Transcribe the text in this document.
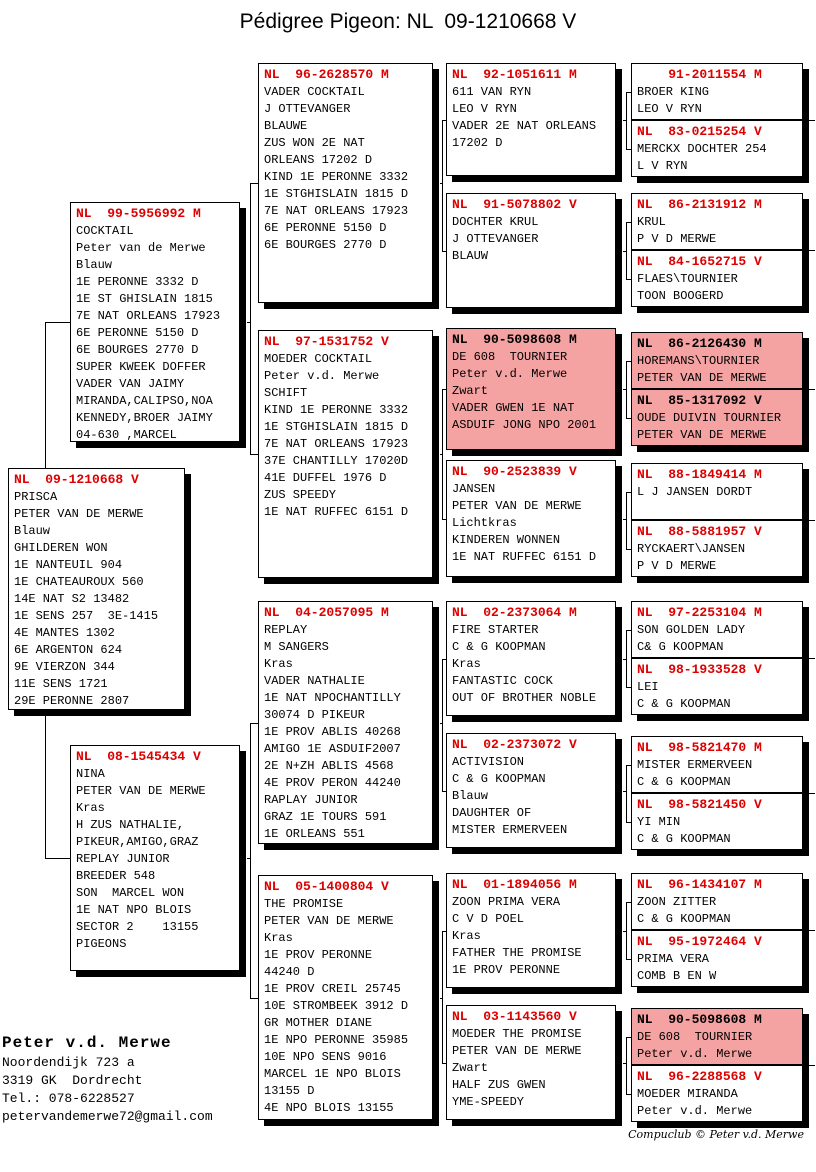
Pédigree Pigeon: NL  09-1210668 V
NL  09-1210668 V
PRISCA
PETER VAN DE MERWE
Blauw
GHILDEREN WON
1E NANTEUIL 904
1E CHATEAUROUX 560
14E NAT S2 13482
1E SENS 257  3E-1415
4E MANTES 1302
6E ARGENTON 624
9E VIERZON 344
11E SENS 1721
29E PERONNE 2807
NL  99-5956992 M
COCKTAIL
Peter van de Merwe
Blauw
1E PERONNE 3332 D
1E ST GHISLAIN 1815
7E NAT ORLEANS 17923
6E PERONNE 5150 D
6E BOURGES 2770 D
SUPER KWEEK DOFFER
VADER VAN JAIMY
MIRANDA,CALIPSO,NOA
KENNEDY,BROER JAIMY
04-630 ,MARCEL
NL  08-1545434 V
NINA
PETER VAN DE MERWE
Kras
H ZUS NATHALIE,
PIKEUR,AMIGO,GRAZ
REPLAY JUNIOR
BREEDER 548
SON  MARCEL WON
1E NAT NPO BLOIS
SECTOR 2    13155
PIGEONS
NL  96-2628570 M
VADER COCKTAIL
J OTTEVANGER
BLAUWE
ZUS WON 2E NAT
ORLEANS 17202 D
KIND 1E PERONNE 3332
1E STGHISLAIN 1815 D
7E NAT ORLEANS 17923
6E PERONNE 5150 D
6E BOURGES 2770 D
NL  97-1531752 V
MOEDER COCKTAIL
Peter v.d. Merwe
SCHIFT
KIND 1E PERONNE 3332
1E STGHISLAIN 1815 D
7E NAT ORLEANS 17923
37E CHANTILLY 17020D
41E DUFFEL 1976 D
ZUS SPEEDY
1E NAT RUFFEC 6151 D
NL  04-2057095 M
REPLAY
M SANGERS
Kras
VADER NATHALIE
1E NAT NPOCHANTILLY
30074 D PIKEUR
1E PROV ABLIS 40268
AMIGO 1E ASDUIF2007
2E N+ZH ABLIS 4568
4E PROV PERON 44240
RAPLAY JUNIOR
GRAZ 1E TOURS 591
1E ORLEANS 551
NL  05-1400804 V
THE PROMISE
PETER VAN DE MERWE
Kras
1E PROV PERONNE
44240 D
1E PROV CREIL 25745
10E STROMBEEK 3912 D
GR MOTHER DIANE
1E NPO PERONNE 35985
10E NPO SENS 9016
MARCEL 1E NPO BLOIS
13155 D
4E NPO BLOIS 13155
NL  92-1051611 M
611 VAN RYN
LEO V RYN
VADER 2E NAT ORLEANS
17202 D
NL  91-5078802 V
DOCHTER KRUL
J OTTEVANGER
BLAUW
NL  90-5098608 M
DE 608  TOURNIER
Peter v.d. Merwe
Zwart
VADER GWEN 1E NAT
ASDUIF JONG NPO 2001
NL  90-2523839 V
JANSEN
PETER VAN DE MERWE
Lichtkras
KINDEREN WONNEN
1E NAT RUFFEC 6151 D
NL  02-2373064 M
FIRE STARTER
C & G KOOPMAN
Kras
FANTASTIC COCK
OUT OF BROTHER NOBLE
NL  02-2373072 V
ACTIVISION
C & G KOOPMAN
Blauw
DAUGHTER OF
MISTER ERMERVEEN
NL  01-1894056 M
ZOON PRIMA VERA
C V D POEL
Kras
FATHER THE PROMISE
1E PROV PERONNE
NL  03-1143560 V
MOEDER THE PROMISE
PETER VAN DE MERWE
Zwart
HALF ZUS GWEN
YME-SPEEDY
91-2011554 M
BROER KING
LEO V RYN
NL  83-0215254 V
MERCKX DOCHTER 254
L V RYN
NL  86-2131912 M
KRUL
P V D MERWE
NL  84-1652715 V
FLAES\TOURNIER
TOON BOOGERD
NL  86-2126430 M
HOREMANS\TOURNIER
PETER VAN DE MERWE
NL  85-1317092 V
OUDE DUIVIN TOURNIER
PETER VAN DE MERWE
NL  88-1849414 M
L J JANSEN DORDT
NL  88-5881957 V
RYCKAERT\JANSEN
P V D MERWE
NL  97-2253104 M
SON GOLDEN LADY
C& G KOOPMAN
NL  98-1933528 V
LEI
C & G KOOPMAN
NL  98-5821470 M
MISTER ERMERVEEN
C & G KOOPMAN
NL  98-5821450 V
YI MIN
C & G KOOPMAN
NL  96-1434107 M
ZOON ZITTER
C & G KOOPMAN
NL  95-1972464 V
PRIMA VERA
COMB B EN W
NL  90-5098608 M
DE 608  TOURNIER
Peter v.d. Merwe
NL  96-2288568 V
MOEDER MIRANDA
Peter v.d. Merwe
Peter v.d. Merwe
Noordendijk 723 a
3319 GK  Dordrecht
Tel.: 078-6228527
petervandemerwe72@gmail.com
Compuclub © Peter v.d. Merwe
